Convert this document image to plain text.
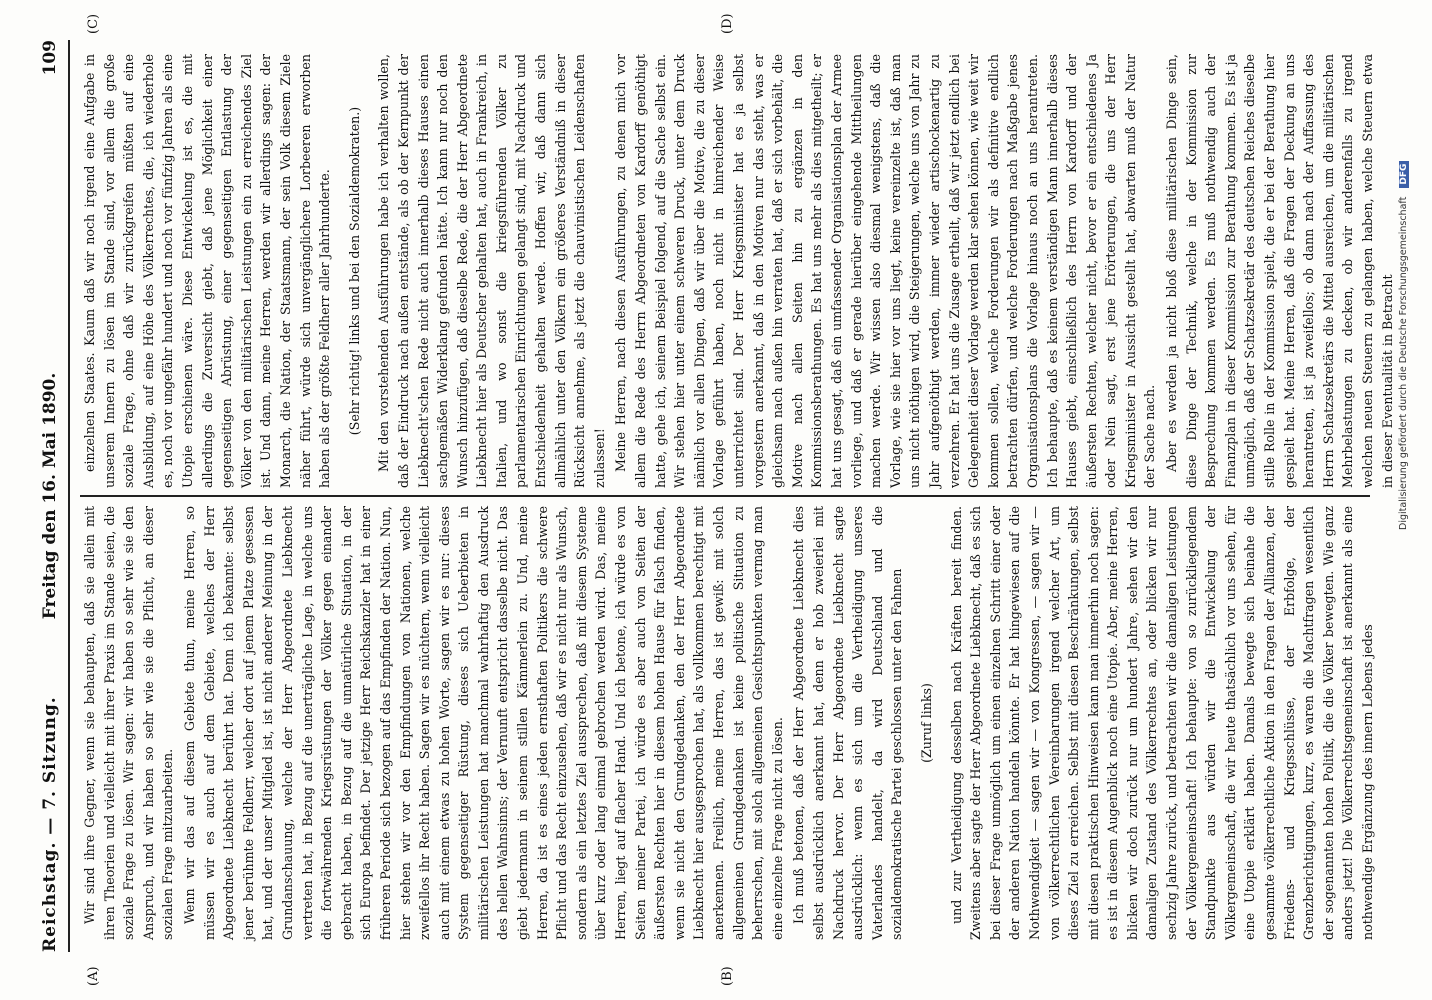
Reichstag. — 7. Sitzung.
Freitag den 16. Mai 1890.
109
(A)	(B)
(C)	(D)

Wir sind ihre Gegner, wenn sie behaupten, daß sie allein mit ihren Theorien und vielleicht mit ihrer Praxis im Stande seien, die soziale Frage zu lösen. Wir sagen: wir haben so sehr wie sie den Anspruch, und wir haben so sehr wie sie die Pflicht, an dieser sozialen Frage mitzuarbeiten. Wenn wir das auf diesem Gebiete thun, meine Herren, so müssen wir es auch auf dem Gebiete, welches der Herr Abgeordnete Liebknecht berührt hat. Denn ich bekannte: selbst jener berühmte Feldherr, welcher dort auf jenem Platze gesessen hat, und der unser Mitglied ist, ist nicht anderer Meinung in der Grundanschauung, welche der Herr Abgeordnete Liebknecht vertreten hat, in Bezug auf die unerträgliche Lage, in welche uns die fortwährenden Kriegsrüstungen der Völker gegen einander gebracht haben, in Bezug auf die unnatürliche Situation, in der sich Europa befindet. Der jetzige Herr Reichskanzler hat in einer früheren Periode sich bezogen auf das Empfinden der Nation. Nun, hier stehen wir vor den Empfindungen von Nationen, welche zweifellos ihr Recht haben. Sagen wir es nüchtern, wenn vielleicht auch mit einem etwas zu hohen Worte, sagen wir es nur: dieses System gegenseitiger Rüstung, dieses sich Ueberbieten in militärischen Leistungen hat manchmal wahrhaftig den Ausdruck des hellen Wahnsinns; der Vernunft entspricht dasselbe nicht. Das giebt jedermann in seinem stillen Kämmerlein zu. Und, meine Herren, da ist es eines jeden ernsthaften Politikers die schwere Pflicht und das Recht einzusehen, daß wir es nicht nur als Wunsch, sondern als ein letztes Ziel aussprechen, daß mit diesem Systeme über kurz oder lang einmal gebrochen werden wird. Das, meine Herren, liegt auf flacher Hand. Und ich betone, ich würde es von Seiten meiner Partei, ich würde es aber auch von Seiten der äußersten Rechten hier in diesem hohen Hause für falsch finden, wenn sie nicht den Grundgedanken, den der Herr Abgeordnete Liebknecht hier ausgesprochen hat, als vollkommen berechtigt mit anerkennen. Freilich, meine Herren, das ist gewiß: mit solch allgemeinen Grundgedanken ist keine politische Situation zu beherrschen, mit solch allgemeinen Gesichtspunkten vermag man eine einzelne Frage nicht zu lösen. Ich muß betonen, daß der Herr Abgeordnete Liebknecht dies selbst ausdrücklich anerkannt hat, denn er hob zweierlei mit Nachdruck hervor. Der Herr Abgeordnete Liebknecht sagte ausdrücklich: wenn es sich um die Vertheidigung unseres Vaterlandes handelt, da wird Deutschland und die sozialdemokratische Partei geschlossen unter den Fahnen (Zuruf links) und zur Vertheidigung desselben nach Kräften bereit finden. Zweitens aber sagte der Herr Abgeordnete Liebknecht, daß es sich bei dieser Frage unmöglich um einen einzelnen Schritt einer oder der anderen Nation handeln könnte. Er hat hingewiesen auf die Nothwendigkeit — sagen wir — von Kongressen, — sagen wir — von völkerrechtlichen Vereinbarungen irgend welcher Art, um dieses Ziel zu erreichen. Selbst mit diesen Beschränkungen, selbst mit diesen praktischen Hinweisen kann man immerhin noch sagen: es ist in diesem Augenblick noch eine Utopie. Aber, meine Herren, blicken wir doch zurück nur um hundert Jahre, sehen wir den damaligen Zustand des Völkerrechtes an, oder blicken wir nur sechzig Jahre zurück, und betrachten wir die damaligen Leistungen der Völkergemeinschaft! Ich behaupte: von so zurückliegendem Standpunkte aus würden wir die Entwickelung der Völkergemeinschaft, die wir heute thatsächlich vor uns sehen, für eine Utopie erklärt haben. Damals bewegte sich beinahe die gesammte völkerrechtliche Aktion in den Fragen der Allianzen, der Friedens- und Kriegsschlüsse, der Erbfolge, der Grenzberichtigungen, kurz, es waren die Machtfragen wesentlich der sogenannten hohen Politik, die die Völker bewegten. Wie ganz anders jetzt! Die Völkerrechtsgemeinschaft ist anerkannt als eine nothwendige Ergänzung des innern Lebens jedes

einzelnen Staates. Kaum daß wir noch irgend eine Aufgabe in unserem Innern zu lösen im Stande sind, vor allem die große soziale Frage, ohne daß wir zurückgreifen müßten auf eine Ausbildung, auf eine Höhe des Völkerrechtes, die, ich wiederhole es, noch vor ungefähr hundert und noch vor fünfzig Jahren als eine Utopie erschienen wäre. Diese Entwickelung ist es, die mit allerdings die Zuversicht giebt, daß jene Möglichkeit einer gegenseitigen Abrüstung, einer gegenseitigen Entlastung der Völker von den militärischen Leistungen ein zu erreichendes Ziel ist. Und dann, meine Herren, werden wir allerdings sagen: der Monarch, die Nation, der Staatsmann, der sein Volk diesem Ziele näher führt, würde sich unvergänglichere Lorbeeren erworben haben als der größte Feldherr aller Jahrhunderte. (Sehr richtig! links und bei den Sozialdemokraten.) Mit den vorstehenden Ausführungen habe ich verhalten wollen, daß der Eindruck nach außen entstände, als ob der Kernpunkt der Liebknecht'schen Rede nicht auch innerhalb dieses Hauses einen sachgemäßen Widerklang gefunden hätte. Ich kann nur noch den Wunsch hinzufügen, daß dieselbe Rede, die der Herr Abgeordnete Liebknecht hier als Deutscher gehalten hat, auch in Frankreich, in Italien, und wo sonst die kriegsführenden Völker zu parlamentarischen Einrichtungen gelangt sind, mit Nachdruck und Entschiedenheit gehalten werde. Hoffen wir, daß dann sich allmählich unter den Völkern ein größeres Verständniß in dieser Rücksicht annehme, als jetzt die chauvinistischen Leidenschaften zulassen! Meine Herren, nach diesen Ausführungen, zu denen mich vor allem die Rede des Herrn Abgeordneten von Kardorff genöthigt hatte, gehe ich, seinem Beispiel folgend, auf die Sache selbst ein. Wir stehen hier unter einem schweren Druck, unter dem Druck nämlich vor allen Dingen, daß wir über die Motive, die zu dieser Vorlage geführt haben, noch nicht in hinreichender Weise unterrichtet sind. Der Herr Kriegsminister hat es ja selbst vorgestern anerkannt, daß in den Motiven nur das steht, was er gleichsam nach außen hin verraten hat, daß er sich vorbehält, die Motive nach allen Seiten hin zu ergänzen in den Kommissionsberathungen. Es hat uns mehr als dies mitgetheilt; er hat uns gesagt, daß ein umfassender Organisationsplan der Armee vorliege, und daß er gerade hierüber eingehende Mittheilungen machen werde. Wir wissen also diesmal wenigstens, daß die Vorlage, wie sie hier vor uns liegt, keine vereinzelte ist, daß man uns nicht nöthigen wird, die Steigerungen, welche uns von Jahr zu Jahr aufgenöthigt werden, immer wieder artischockenartig zu verzehren. Er hat uns die Zusage ertheilt, daß wir jetzt endlich bei Gelegenheit dieser Vorlage werden klar sehen können, wie weit wir kommen sollen, welche Forderungen wir als definitive endlich betrachten dürfen, und welche Forderungen nach Maßgabe jenes Organisationsplans die Vorlage hinaus noch an uns herantreten. Ich behaupte, daß es keinem verständigen Mann innerhalb dieses Hauses giebt, einschließlich des Herrn von Kardorff und der äußersten Rechten, welcher nicht, bevor er ein entschiedenes Ja oder Nein sagt, erst jene Erörterungen, die uns der Herr Kriegsminister in Aussicht gestellt hat, abwarten muß der Natur der Sache nach. Aber es werden ja nicht bloß diese militärischen Dinge sein, diese Dinge der Technik, welche in der Kommission zur Besprechung kommen werden. Es muß nothwendig auch der Finanzplan in dieser Kommission zur Berathung kommen. Es ist ja unmöglich, daß der Schatzsekretär des deutschen Reiches dieselbe stille Rolle in der Kommission spielt, die er bei der Berathung hier gespielt hat. Meine Herren, daß die Fragen der Deckung an uns herantreten, ist ja zweifellos; ob dann nach der Auffassung des Herrn Schatzsekretärs die Mittel ausreichen, um die militärischen Mehrbelastungen zu decken, ob wir anderenfalls zu irgend welchen neuen Steuern zu gelangen haben, welche Steuern etwa in dieser Eventualität in Betracht Digitalisierung gefördert durch die Deutsche Forschungsgemeinschaft DFG
